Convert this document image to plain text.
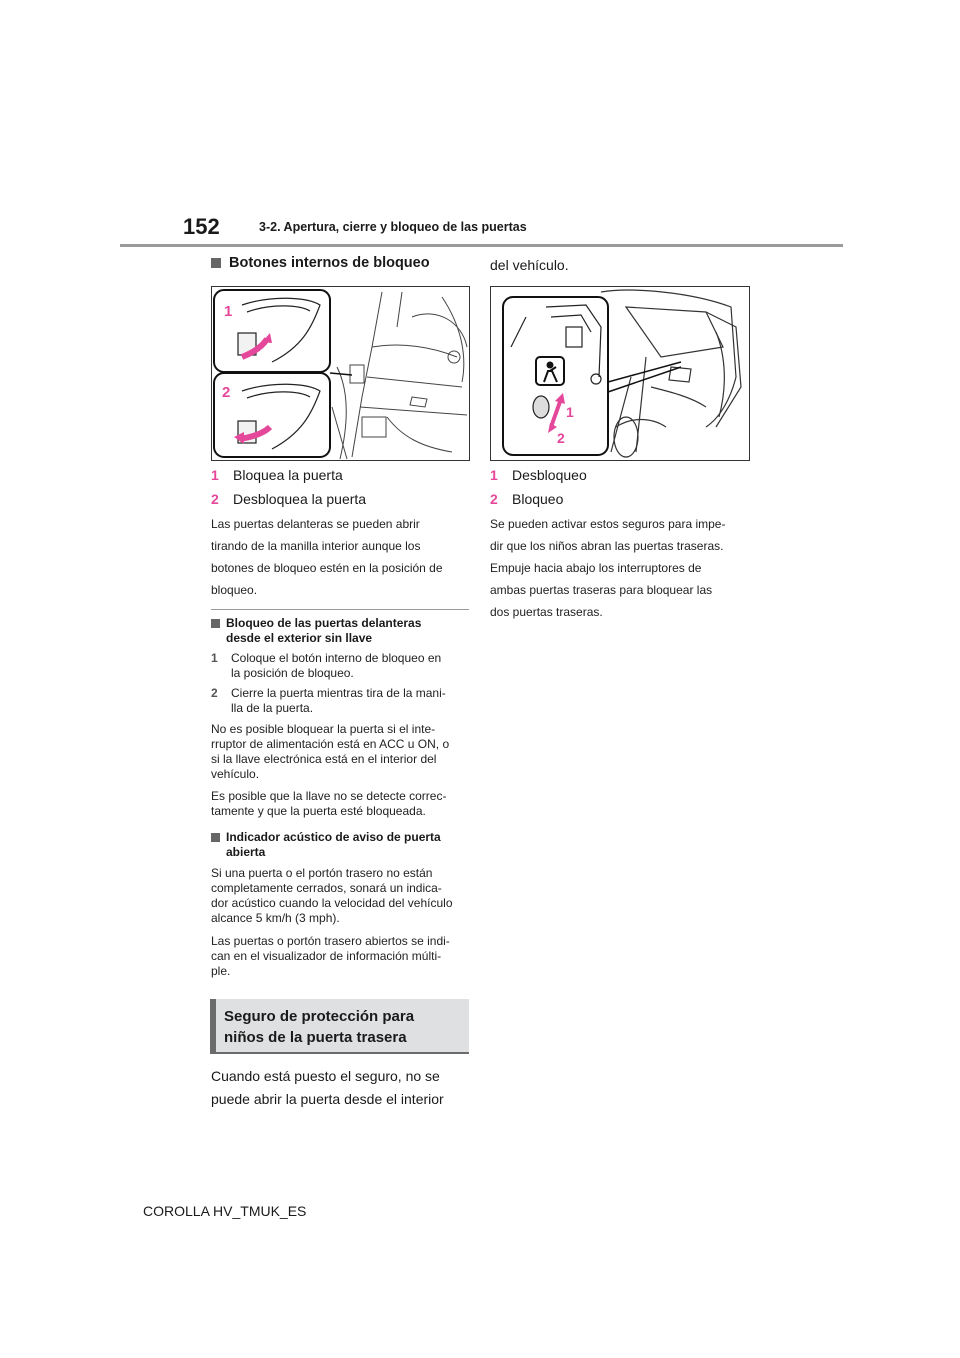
152	3-2. Apertura, cierre y bloqueo de las puertas
Botones internos de bloqueo
1
2
1	Bloquea la puerta
2	Desbloquea la puerta
Las puertas delanteras se pueden abrir
tirando de la manilla interior aunque los
botones de bloqueo estén en la posición de
bloqueo.
Bloqueo de las puertas delanteras
desde el exterior sin llave
1	Coloque el botón interno de bloqueo en
la posición de bloqueo.
2	Cierre la puerta mientras tira de la mani-
lla de la puerta.
No es posible bloquear la puerta si el inte-
rruptor de alimentación está en ACC u ON, o
si la llave electrónica está en el interior del
vehículo.
Es posible que la llave no se detecte correc-
tamente y que la puerta esté bloqueada.
Indicador acústico de aviso de puerta
abierta
Si una puerta o el portón trasero no están
completamente cerrados, sonará un indica-
dor acústico cuando la velocidad del vehículo
alcance 5 km/h (3 mph).
Las puertas o portón trasero abiertos se indi-
can en el visualizador de información múlti-
ple.
Seguro de protección para
niños de la puerta trasera
Cuando está puesto el seguro, no se
puede abrir la puerta desde el interior
del vehículo.
1
2
1	Desbloqueo
2	Bloqueo
Se pueden activar estos seguros para impe-
dir que los niños abran las puertas traseras.
Empuje hacia abajo los interruptores de
ambas puertas traseras para bloquear las
dos puertas traseras.
COROLLA HV_TMUK_ES
